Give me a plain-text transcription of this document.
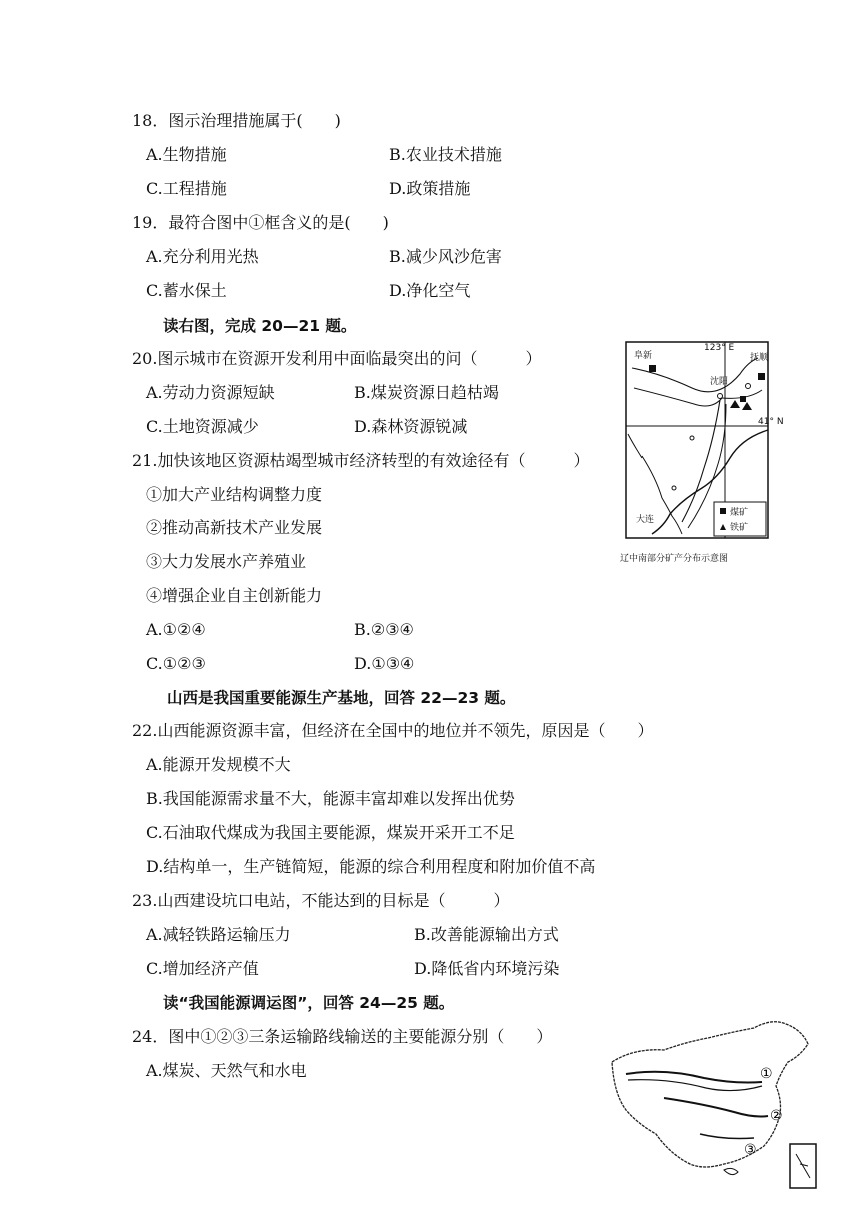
18．图示治理措施属于(　　)
A.生物措施	B.农业技术措施
C.工程措施	D.政策措施
19．最符合图中①框含义的是(　　)
A.充分利用光热	B.减少风沙危害
C.蓄水保土	D.净化空气
读右图，完成 20—21 题。
20.图示城市在资源开发利用中面临最突出的问（　　　）
A.劳动力资源短缺	B.煤炭资源日趋枯竭
C.土地资源减少	D.森林资源锐减
21.加快该地区资源枯竭型城市经济转型的有效途径有（　　　）
①加大产业结构调整力度
②推动高新技术产业发展
③大力发展水产养殖业
④增强企业自主创新能力
A.①②④	B.②③④
C.①②③	D.①③④
山西是我国重要能源生产基地，回答 22—23 题。
22.山西能源资源丰富，但经济在全国中的地位并不领先，原因是（　　）
A.能源开发规模不大
B.我国能源需求量不大，能源丰富却难以发挥出优势
C.石油取代煤成为我国主要能源，煤炭开采开工不足
D.结构单一，生产链简短，能源的综合利用程度和附加价值不高
23.山西建设坑口电站，不能达到的目标是（　　　）
A.减轻铁路运输压力	B.改善能源输出方式
C.增加经济产值	D.降低省内环境污染
读“我国能源调运图”，回答 24—25 题。
24．图中①②③三条运输路线输送的主要能源分别（　　）
A.煤炭、天然气和水电
阜新	抚顺
沈阳
大连
123° E
41° N
煤矿
铁矿
辽中南部分矿产分布示意图
①
②
③
